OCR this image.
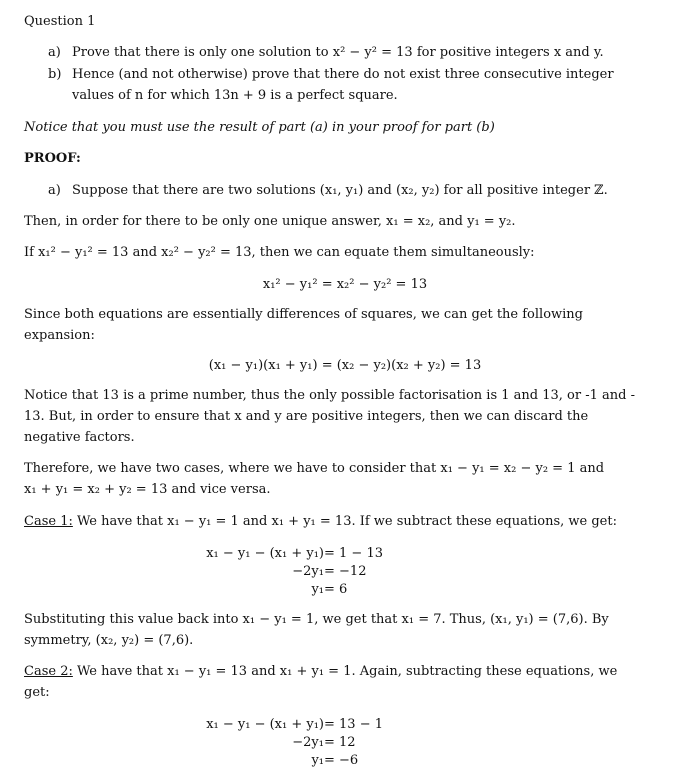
Question 1
a) Prove that there is only one solution to x² − y² = 13 for positive integers x and y.
b) Hence (and not otherwise) prove that there do not exist three consecutive integer
values of n for which 13n + 9 is a perfect square.
Notice that you must use the result of part (a) in your proof for part (b)
PROOF:
a) Suppose that there are two solutions (x₁, y₁) and (x₂, y₂) for all positive integer ℤ.
Then, in order for there to be only one unique answer, x₁ = x₂, and y₁ = y₂.
If x₁² − y₁² = 13 and x₂² − y₂² = 13, then we can equate them simultaneously:
x₁² − y₁² = x₂² − y₂² = 13
Since both equations are essentially differences of squares, we can get the following
expansion:
(x₁ − y₁)(x₁ + y₁) = (x₂ − y₂)(x₂ + y₂) = 13
Notice that 13 is a prime number, thus the only possible factorisation is 1 and 13, or -1 and -
13. But, in order to ensure that x and y are positive integers, then we can discard the
negative factors.
Therefore, we have two cases, where we have to consider that x₁ − y₁ = x₂ − y₂ = 1 and
x₁ + y₁ = x₂ + y₂ = 13 and vice versa.
Case 1: We have that x₁ − y₁ = 1 and x₁ + y₁ = 13. If we subtract these equations, we get:
x₁ − y₁ − (x₁ + y₁) = 1 − 13
−2y₁ = −12
y₁ = 6
Substituting this value back into x₁ − y₁ = 1, we get that x₁ = 7. Thus, (x₁, y₁) = (7,6). By
symmetry, (x₂, y₂) = (7,6).
Case 2: We have that x₁ − y₁ = 13 and x₁ + y₁ = 1. Again, subtracting these equations, we
get:
x₁ − y₁ − (x₁ + y₁) = 13 − 1
−2y₁ = 12
y₁ = −6
